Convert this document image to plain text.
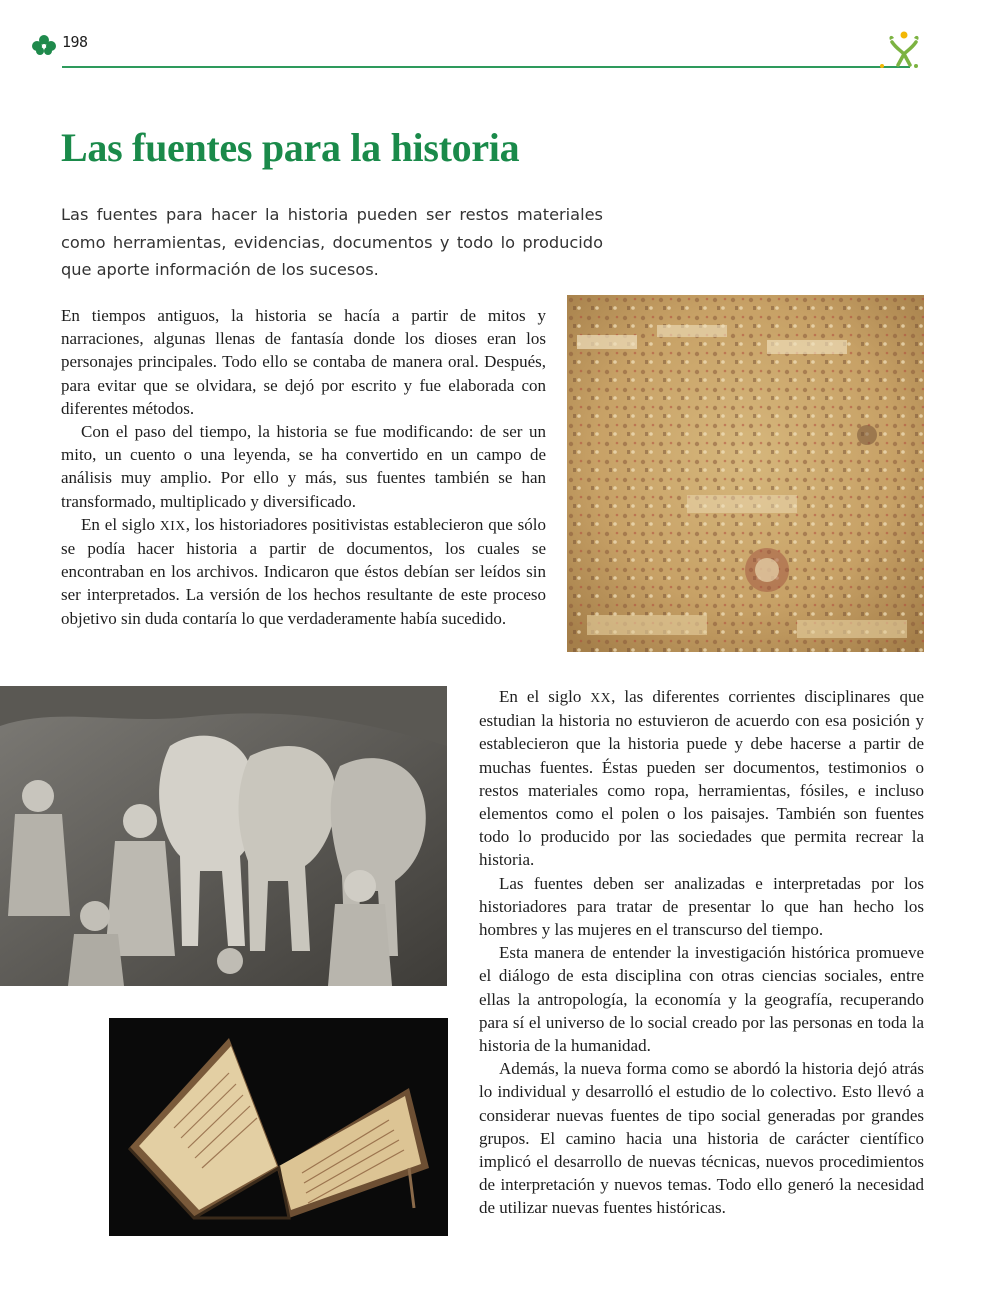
198
Las fuentes para la historia

Las fuentes para hacer la historia pueden ser restos materiales como herramientas, evidencias, documentos y todo lo producido que aporte información de los sucesos.

En tiempos antiguos, la historia se hacía a partir de mitos y narraciones, algunas llenas de fantasía donde los dioses eran los personajes principales. Todo ello se contaba de manera oral. Después, para evitar que se olvidara, se dejó por escrito y fue elaborada con diferentes métodos.

Con el paso del tiempo, la historia se fue modificando: de ser un mito, un cuento o una leyenda, se ha convertido en un campo de análisis muy amplio. Por ello y más, sus fuentes también se han transformado, multiplicado y diversificado.

En el siglo XIX, los historiadores positivistas establecieron que sólo se podía hacer historia a partir de documentos, los cuales se encontraban en los archivos. Indicaron que éstos debían ser leídos sin ser interpretados. La versión de los hechos resultante de este proceso objetivo sin duda contaría lo que verdaderamente había sucedido.

En el siglo XX, las diferentes corrientes disciplinares que estudian la historia no estuvieron de acuerdo con esa posición y establecieron que la historia puede y debe hacerse a partir de muchas fuentes. Éstas pueden ser documentos, testimonios o restos materiales como ropa, herramientas, fósiles, e incluso elementos como el polen o los paisajes. También son fuentes todo lo producido por las sociedades que permita recrear la historia.

Las fuentes deben ser analizadas e interpretadas por los historiadores para tratar de presentar lo que han hecho los hombres y las mujeres en el transcurso del tiempo.

Esta manera de entender la investigación histórica promueve el diálogo de esta disciplina con otras ciencias sociales, entre ellas la antropología, la economía y la geografía, recuperando para sí el universo de lo social creado por las personas en toda la historia de la humanidad.

Además, la nueva forma como se abordó la historia dejó atrás lo individual y desarrolló el estudio de lo colectivo. Esto llevó a considerar nuevas fuentes de tipo social generadas por grandes grupos. El camino hacia una historia de carácter científico implicó el desarrollo de nuevas técnicas, nuevos procedimientos de interpretación y nuevos temas. Todo ello generó la necesidad de utilizar nuevas fuentes históricas.
